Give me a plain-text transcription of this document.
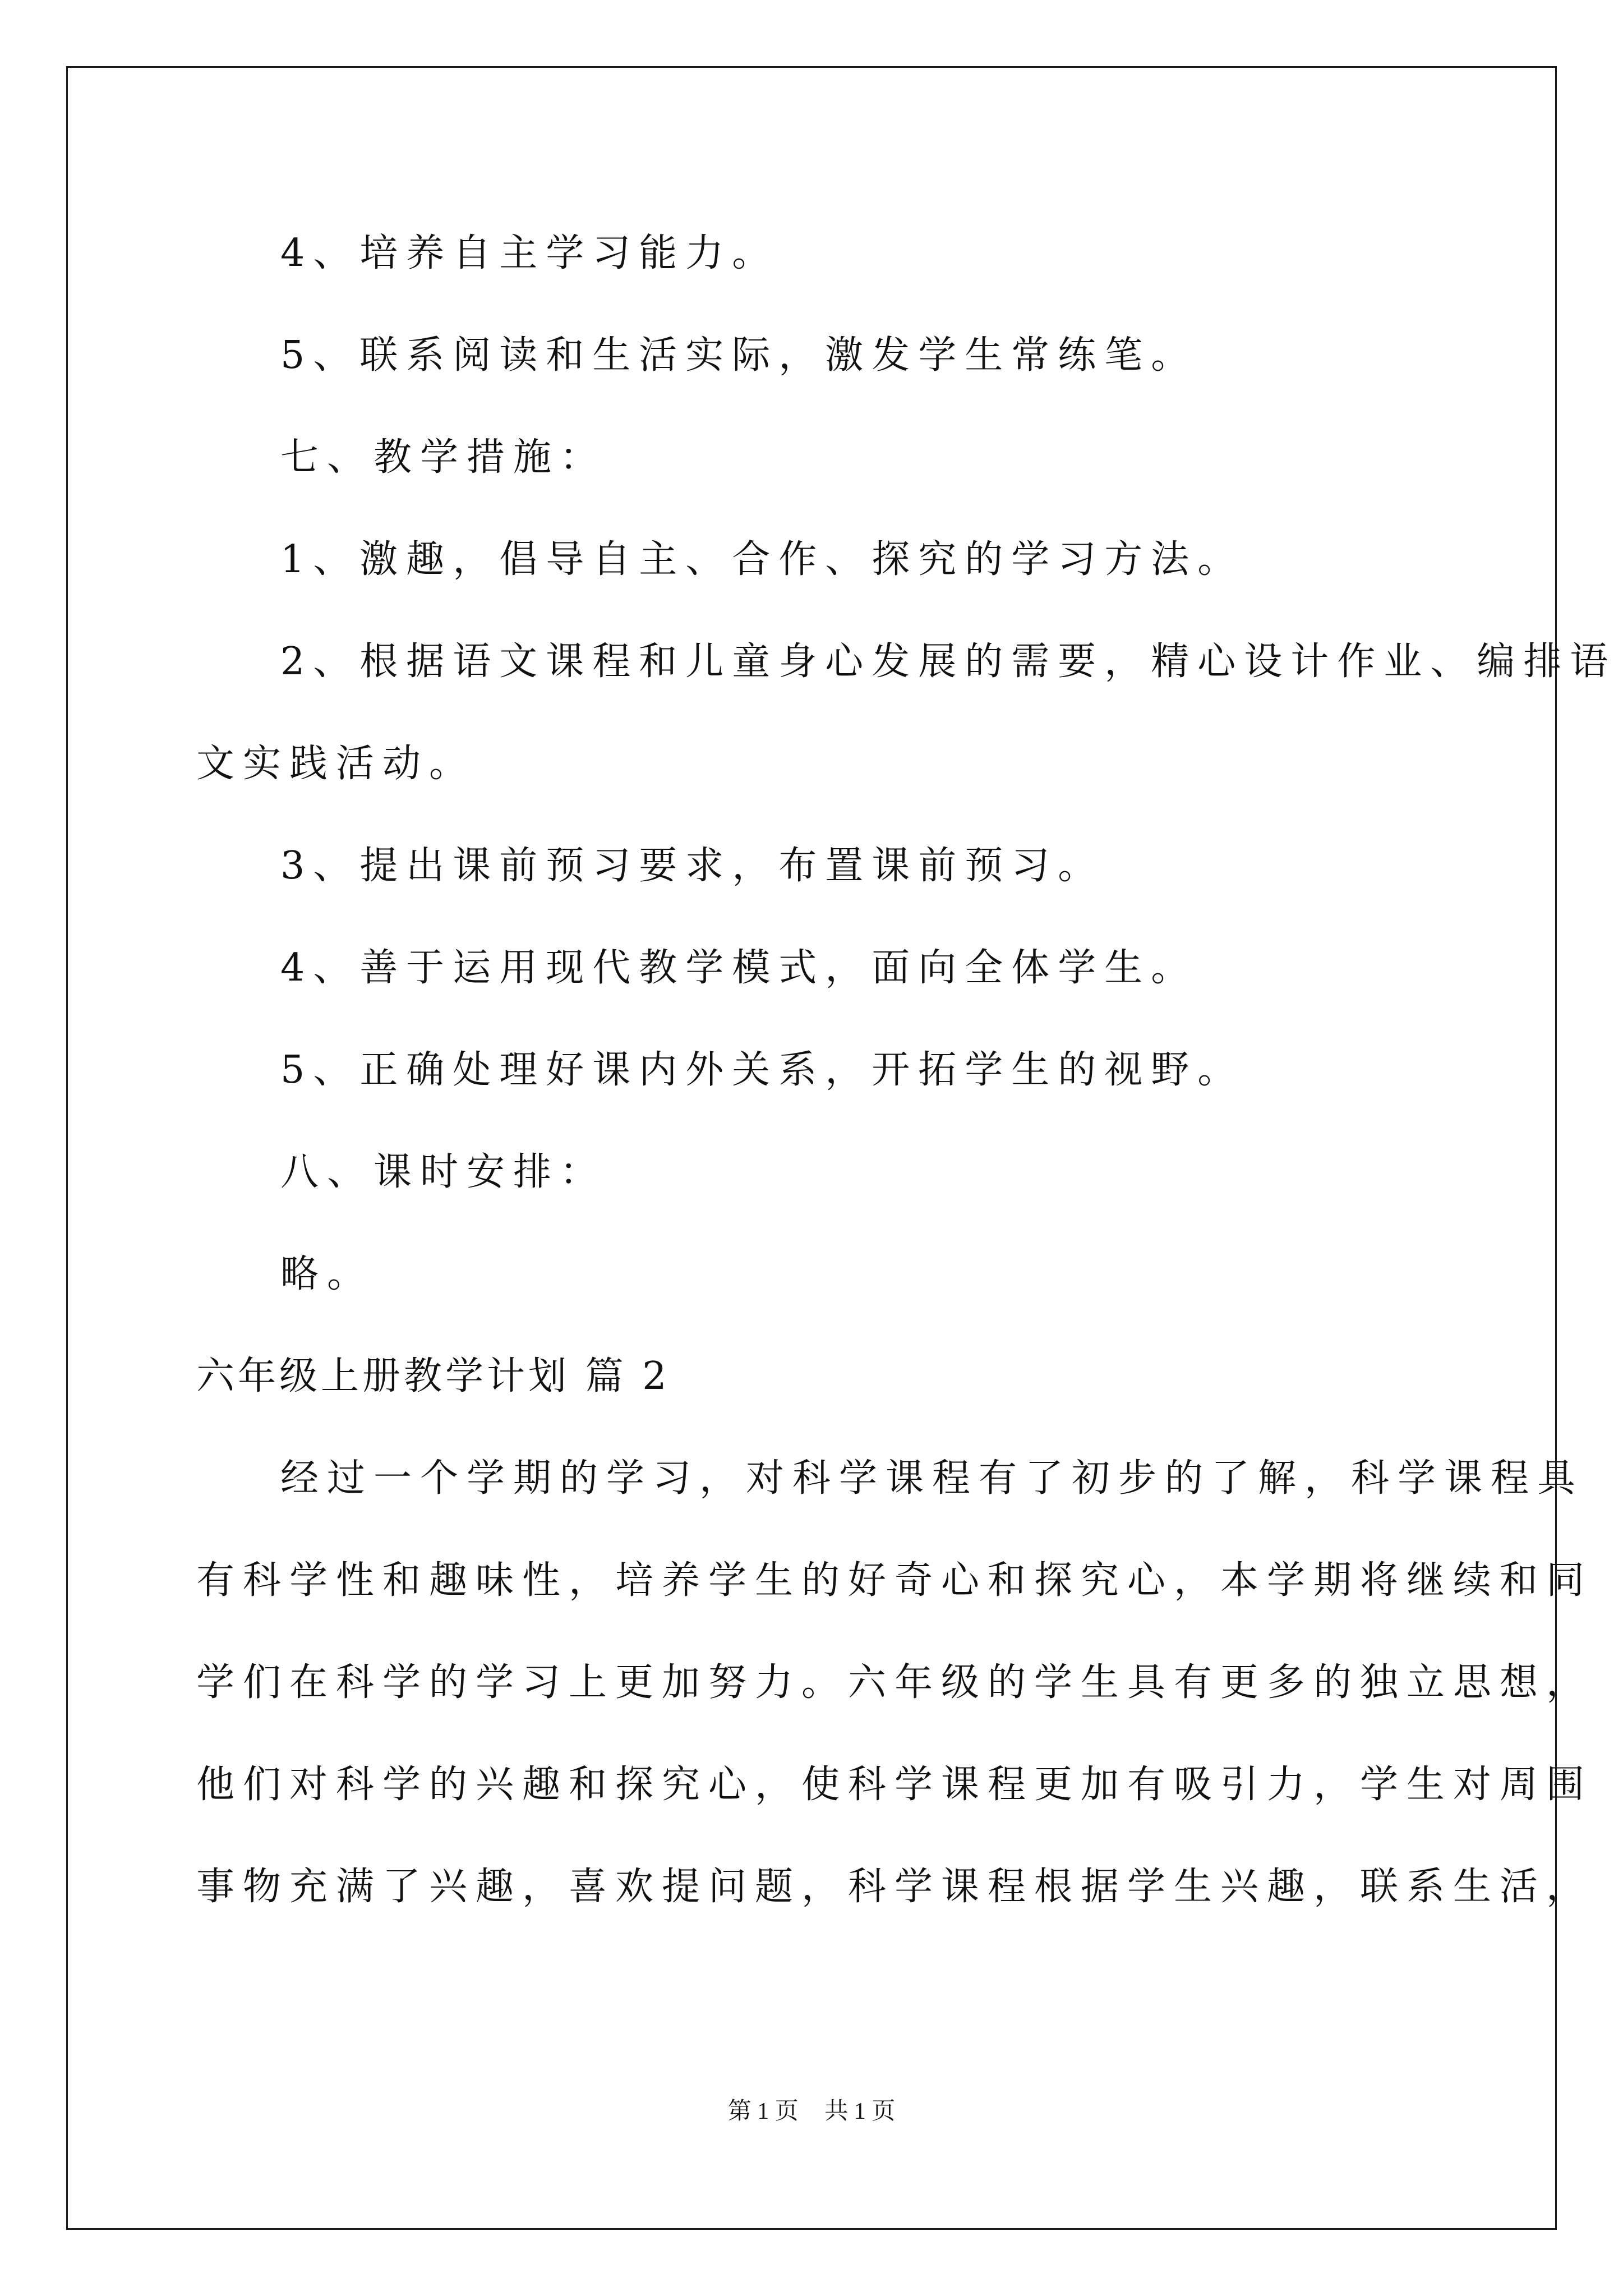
4、培养自主学习能力。
5、联系阅读和生活实际，激发学生常练笔。
七、教学措施：
1、激趣，倡导自主、合作、探究的学习方法。
2、根据语文课程和儿童身心发展的需要，精心设计作业、编排语
文实践活动。
3、提出课前预习要求，布置课前预习。
4、善于运用现代教学模式，面向全体学生。
5、正确处理好课内外关系，开拓学生的视野。
八、课时安排：
略。
六年级上册教学计划 篇 2
经过一个学期的学习，对科学课程有了初步的了解，科学课程具
有科学性和趣味性，培养学生的好奇心和探究心，本学期将继续和同
学们在科学的学习上更加努力。六年级的学生具有更多的独立思想，
他们对科学的兴趣和探究心，使科学课程更加有吸引力，学生对周围
事物充满了兴趣，喜欢提问题，科学课程根据学生兴趣，联系生活，
第 1 页 共 1 页
